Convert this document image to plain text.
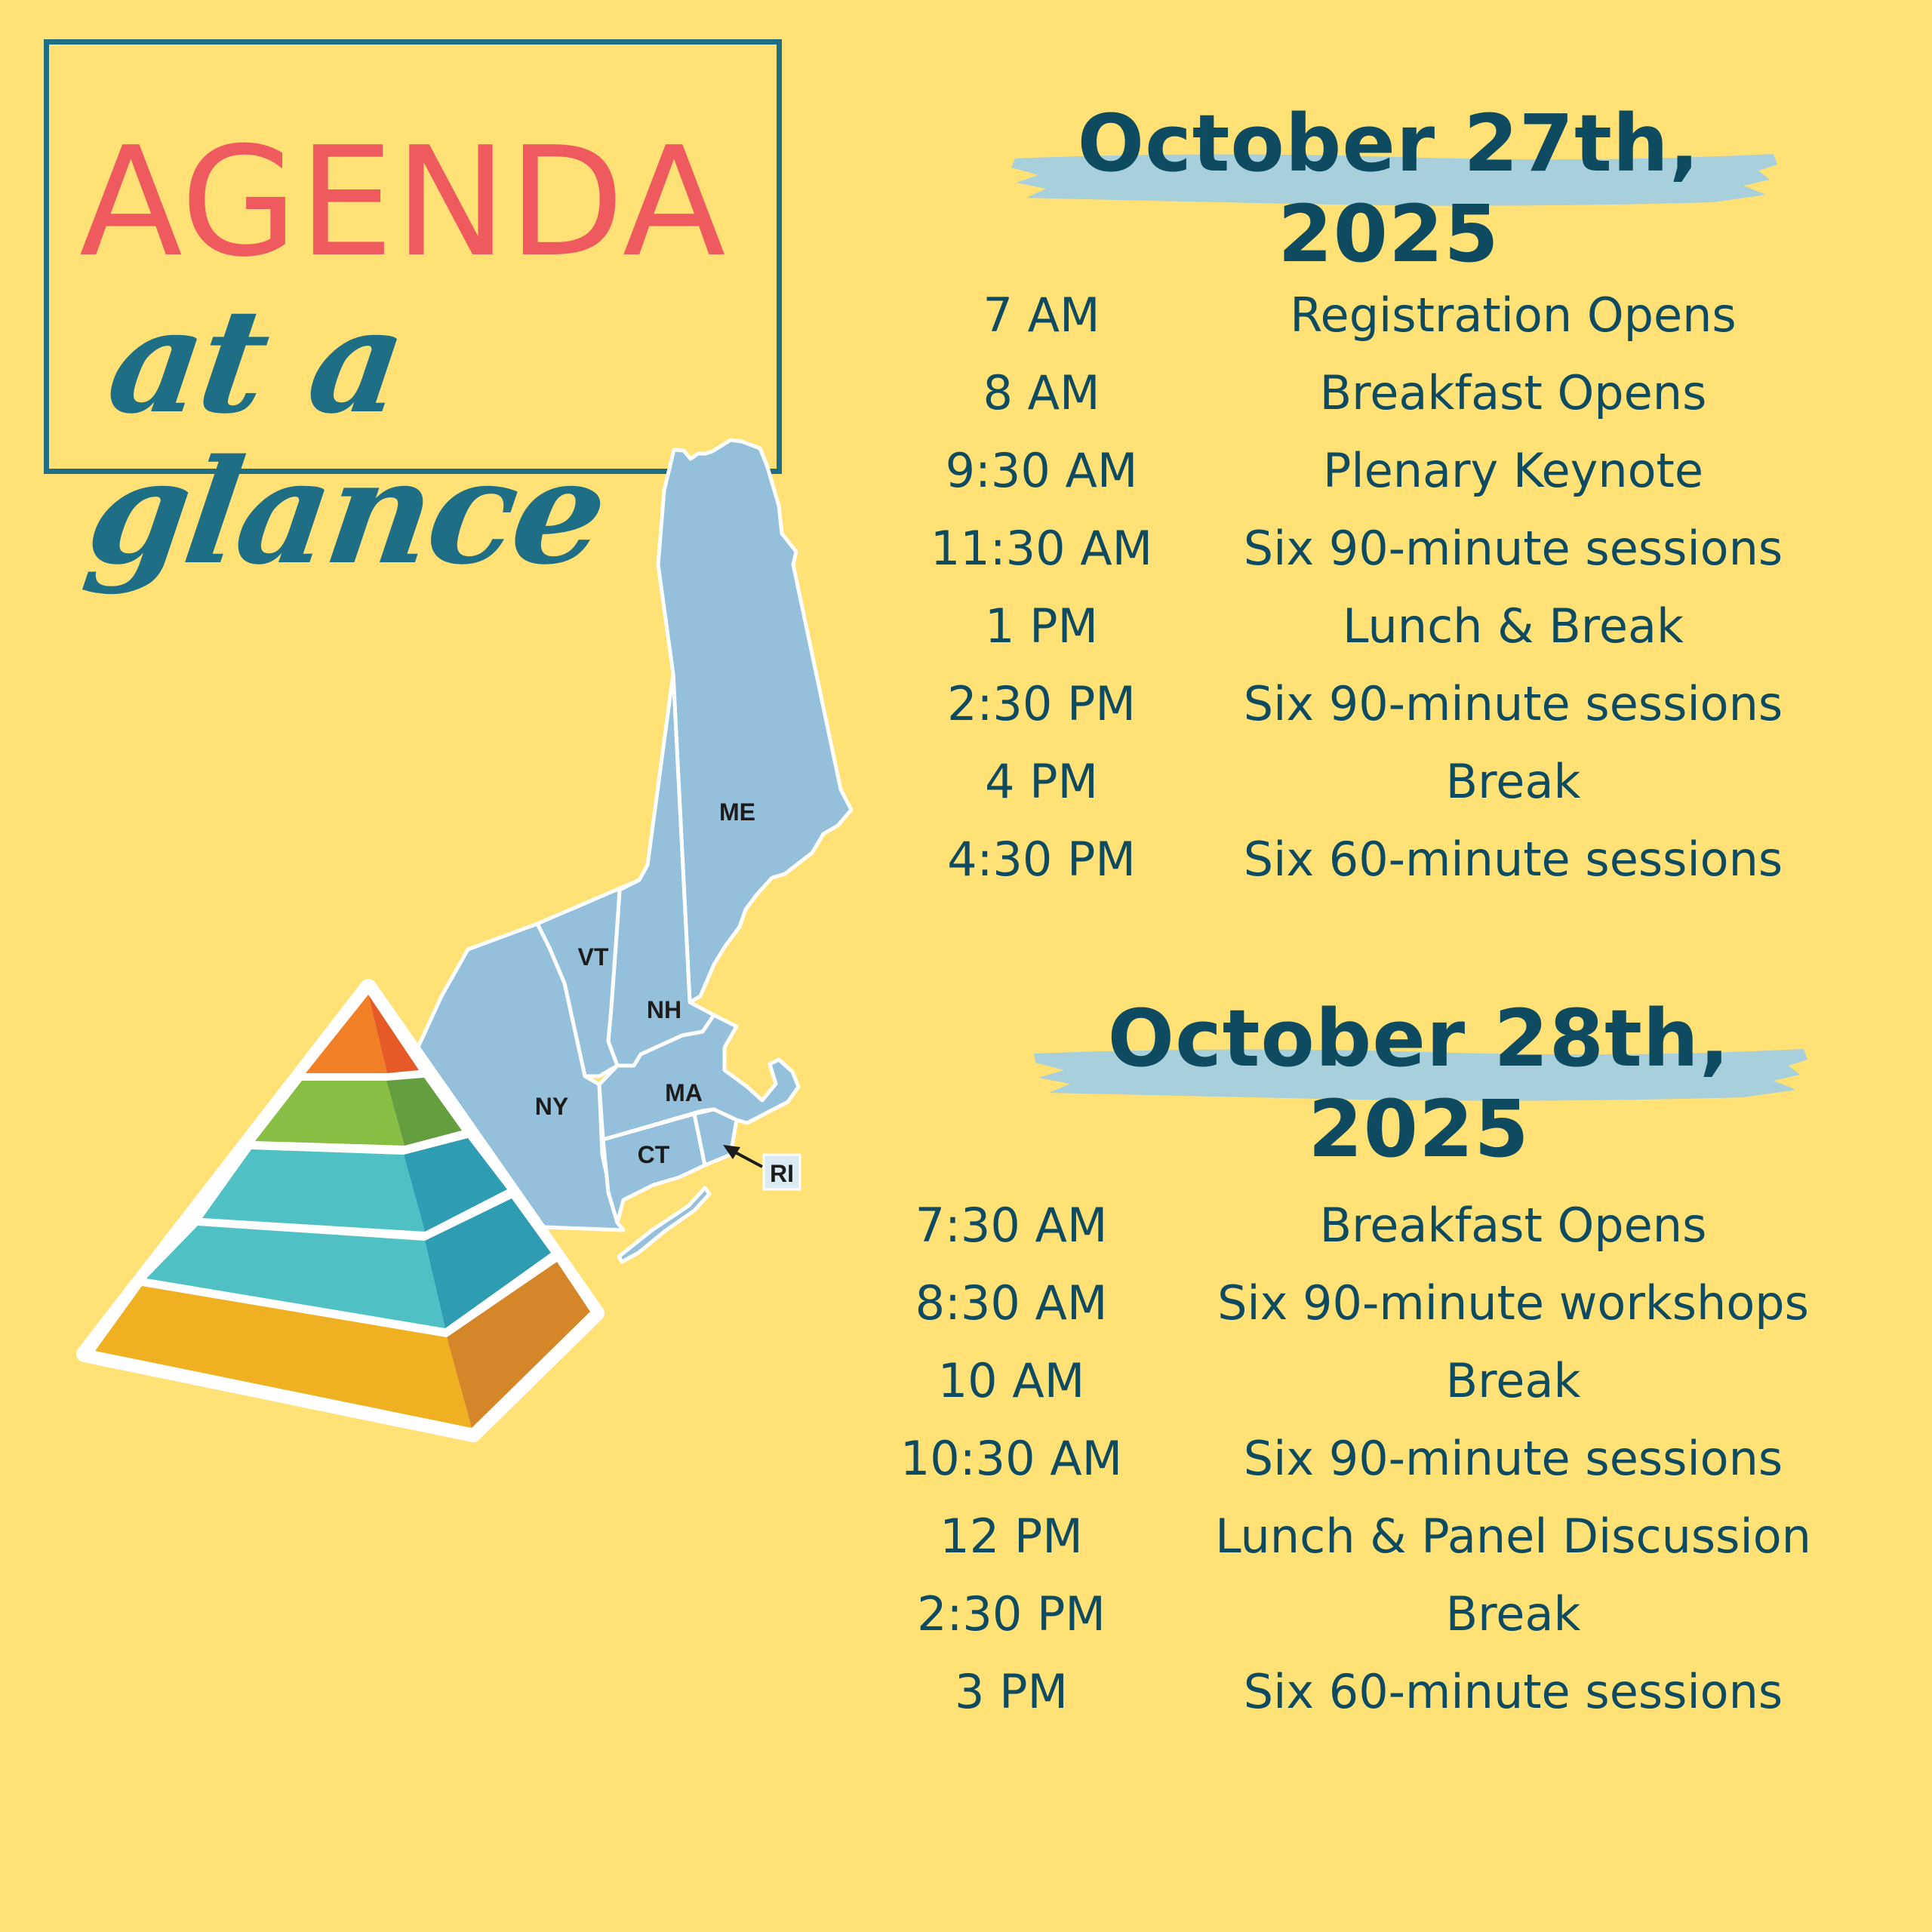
AGENDA
at a glance
ME
VT
NH
NY	MA
CT
RI
October 27th, 2025
7 AM	Registration Opens
8 AM	Breakfast Opens
9:30 AM	Plenary Keynote
11:30 AM	Six 90-minute sessions
1 PM	Lunch & Break
2:30 PM	Six 90-minute sessions
4 PM	Break
4:30 PM	Six 60-minute sessions
October 28th, 2025
7:30 AM	Breakfast Opens
8:30 AM	Six 90-minute workshops
10 AM	Break
10:30 AM	Six 90-minute sessions
12 PM	Lunch & Panel Discussion
2:30 PM	Break
3 PM	Six 60-minute sessions
